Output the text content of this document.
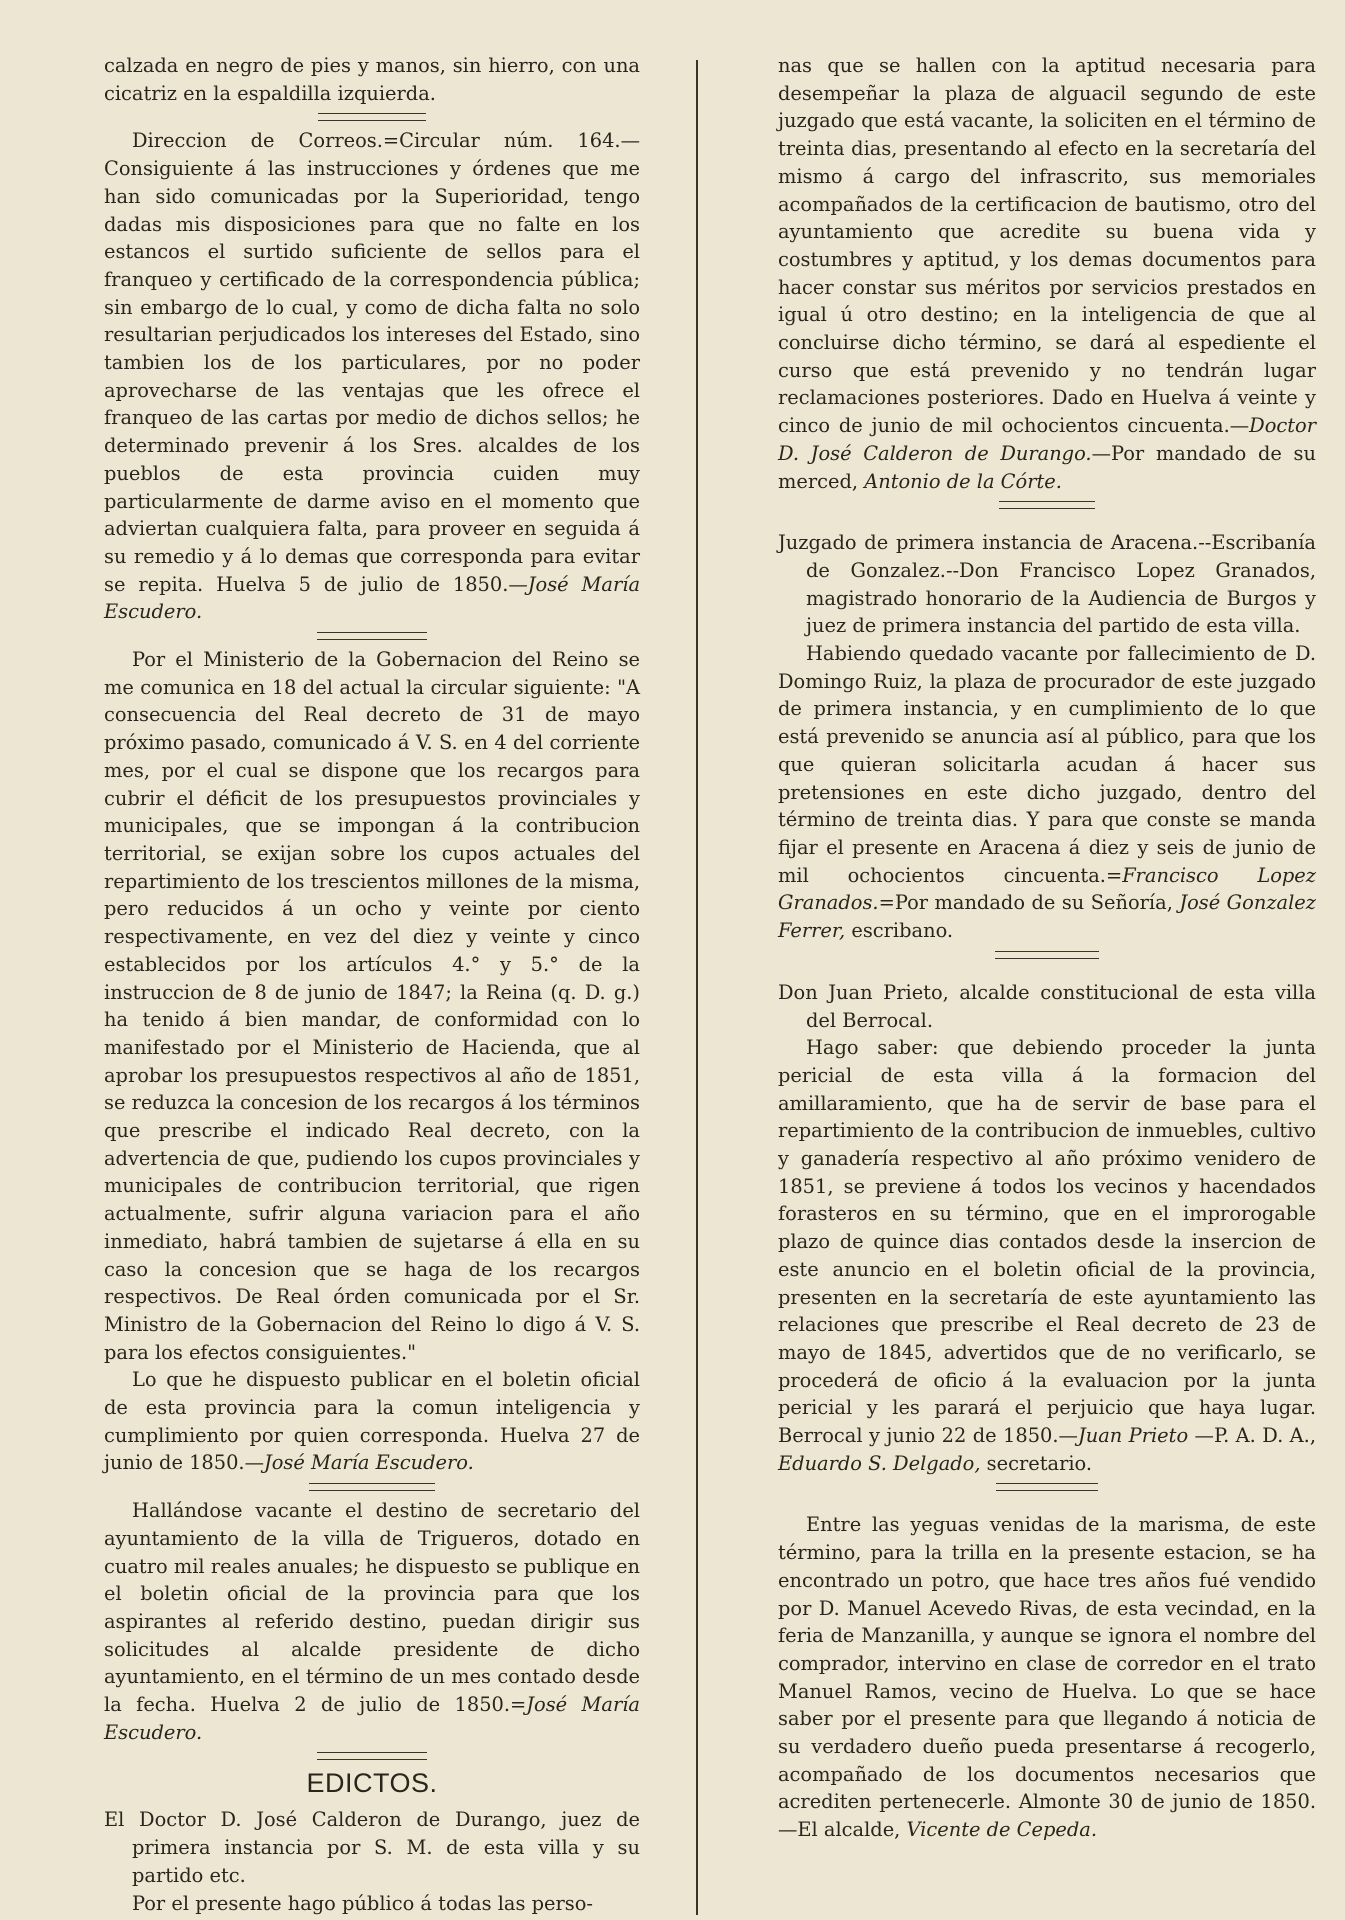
calzada en negro de pies y manos, sin hierro, con una cicatriz en la espaldilla izquierda.

Direccion de Correos.=Circular núm. 164.—Consiguiente á las instrucciones y órdenes que me han sido comunicadas por la Superioridad, tengo dadas mis disposiciones para que no falte en los estancos el surtido suficiente de sellos para el franqueo y certificado de la correspondencia pública; sin embargo de lo cual, y como de dicha falta no solo resultarian perjudicados los intereses del Estado, sino tambien los de los particulares, por no poder aprovecharse de las ventajas que les ofrece el franqueo de las cartas por medio de dichos sellos; he determinado prevenir á los Sres. alcaldes de los pueblos de esta provincia cuiden muy particularmente de darme aviso en el momento que adviertan cualquiera falta, para proveer en seguida á su remedio y á lo demas que corresponda para evitar se repita. Huelva 5 de julio de 1850.—José María Escudero.

Por el Ministerio de la Gobernacion del Reino se me comunica en 18 del actual la circular siguiente: "A consecuencia del Real decreto de 31 de mayo próximo pasado, comunicado á V. S. en 4 del corriente mes, por el cual se dispone que los recargos para cubrir el déficit de los presupuestos provinciales y municipales, que se impongan á la contribucion territorial, se exijan sobre los cupos actuales del repartimiento de los trescientos millones de la misma, pero reducidos á un ocho y veinte por ciento respectivamente, en vez del diez y veinte y cinco establecidos por los artículos 4.° y 5.° de la instruccion de 8 de junio de 1847; la Reina (q. D. g.) ha tenido á bien mandar, de conformidad con lo manifestado por el Ministerio de Hacienda, que al aprobar los presupuestos respectivos al año de 1851, se reduzca la concesion de los recargos á los términos que prescribe el indicado Real decreto, con la advertencia de que, pudiendo los cupos provinciales y municipales de contribucion territorial, que rigen actualmente, sufrir alguna variacion para el año inmediato, habrá tambien de sujetarse á ella en su caso la concesion que se haga de los recargos respectivos. De Real órden comunicada por el Sr. Ministro de la Gobernacion del Reino lo digo á V. S. para los efectos consiguientes."

Lo que he dispuesto publicar en el boletin oficial de esta provincia para la comun inteligencia y cumplimiento por quien corresponda. Huelva 27 de junio de 1850.—José María Escudero.

Hallándose vacante el destino de secretario del ayuntamiento de la villa de Trigueros, dotado en cuatro mil reales anuales; he dispuesto se publique en el boletin oficial de la provincia para que los aspirantes al referido destino, puedan dirigir sus solicitudes al alcalde presidente de dicho ayuntamiento, en el término de un mes contado desde la fecha. Huelva 2 de julio de 1850.=José María Escudero.

EDICTOS.

El Doctor D. José Calderon de Durango, juez de primera instancia por S. M. de esta villa y su partido etc.

Por el presente hago público á todas las perso-

nas que se hallen con la aptitud necesaria para desempeñar la plaza de alguacil segundo de este juzgado que está vacante, la soliciten en el término de treinta dias, presentando al efecto en la secretaría del mismo á cargo del infrascrito, sus memoriales acompañados de la certificacion de bautismo, otro del ayuntamiento que acredite su buena vida y costumbres y aptitud, y los demas documentos para hacer constar sus méritos por servicios prestados en igual ú otro destino; en la inteligencia de que al concluirse dicho término, se dará al espediente el curso que está prevenido y no tendrán lugar reclamaciones posteriores. Dado en Huelva á veinte y cinco de junio de mil ochocientos cincuenta.—Doctor D. José Calderon de Durango.—Por mandado de su merced, Antonio de la Córte.

Juzgado de primera instancia de Aracena.--Escribanía de Gonzalez.--Don Francisco Lopez Granados, magistrado honorario de la Audiencia de Burgos y juez de primera instancia del partido de esta villa.

Habiendo quedado vacante por fallecimiento de D. Domingo Ruiz, la plaza de procurador de este juzgado de primera instancia, y en cumplimiento de lo que está prevenido se anuncia así al público, para que los que quieran solicitarla acudan á hacer sus pretensiones en este dicho juzgado, dentro del término de treinta dias. Y para que conste se manda fijar el presente en Aracena á diez y seis de junio de mil ochocientos cincuenta.=Francisco Lopez Granados.=Por mandado de su Señoría, José Gonzalez Ferrer, escribano.

Don Juan Prieto, alcalde constitucional de esta villa del Berrocal.

Hago saber: que debiendo proceder la junta pericial de esta villa á la formacion del amillaramiento, que ha de servir de base para el repartimiento de la contribucion de inmuebles, cultivo y ganadería respectivo al año próximo venidero de 1851, se previene á todos los vecinos y hacendados forasteros en su término, que en el improrogable plazo de quince dias contados desde la insercion de este anuncio en el boletin oficial de la provincia, presenten en la secretaría de este ayuntamiento las relaciones que prescribe el Real decreto de 23 de mayo de 1845, advertidos que de no verificarlo, se procederá de oficio á la evaluacion por la junta pericial y les parará el perjuicio que haya lugar. Berrocal y junio 22 de 1850.—Juan Prieto —P. A. D. A., Eduardo S. Delgado, secretario.

Entre las yeguas venidas de la marisma, de este término, para la trilla en la presente estacion, se ha encontrado un potro, que hace tres años fué vendido por D. Manuel Acevedo Rivas, de esta vecindad, en la feria de Manzanilla, y aunque se ignora el nombre del comprador, intervino en clase de corredor en el trato Manuel Ramos, vecino de Huelva. Lo que se hace saber por el presente para que llegando á noticia de su verdadero dueño pueda presentarse á recogerlo, acompañado de los documentos necesarios que acrediten pertenecerle. Almonte 30 de junio de 1850.—El alcalde, Vicente de Cepeda.
